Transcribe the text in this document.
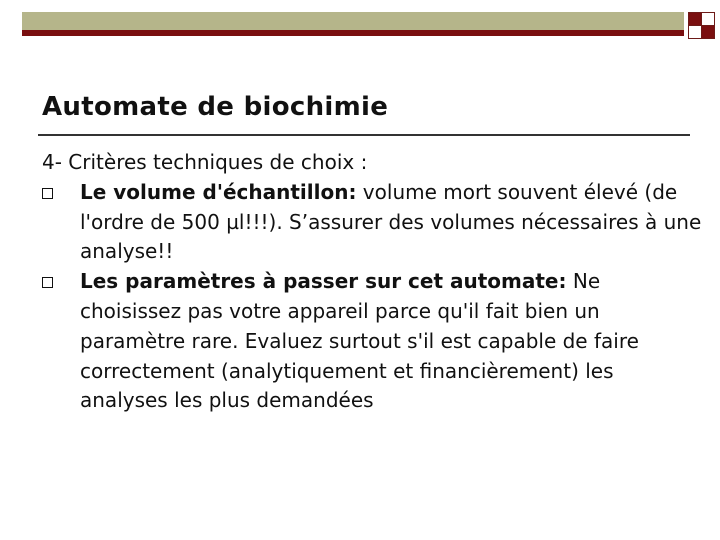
Automate de biochimie
4- Critères techniques de choix :
Le volume d'échantillon: volume mort souvent élevé (de l'ordre de 500 µl!!!). S’assurer des volumes nécessaires à une analyse!!
Les paramètres à passer sur cet automate: Ne choisissez pas votre appareil parce qu'il fait bien un paramètre rare. Evaluez surtout s'il est capable de faire correctement (analytiquement et financièrement) les analyses les plus demandées
